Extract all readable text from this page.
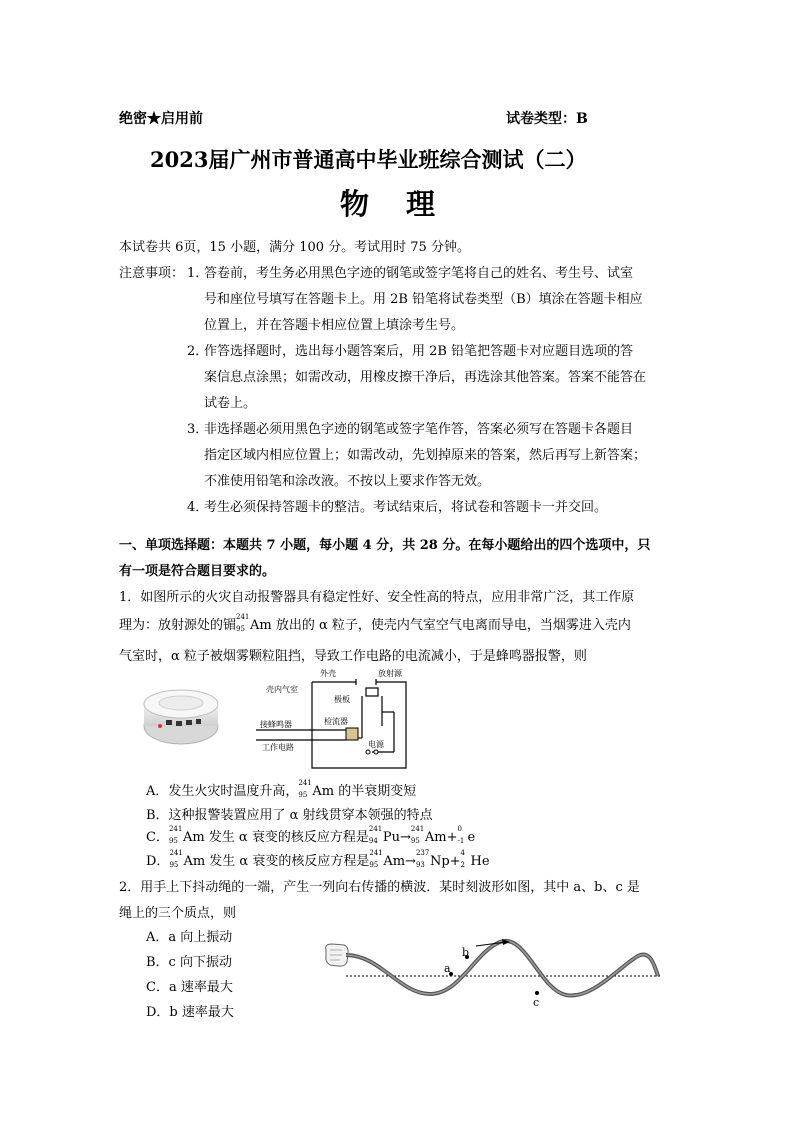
绝密★启用前	试卷类型：B
2023届广州市普通高中毕业班综合测试（二）
物　理
本试卷共 6页，15 小题，满分 100 分。考试用时 75 分钟。
注意事项： 1．
答卷前，考生务必用黑色字迹的钢笔或签字笔将自己的姓名、考生号、试室
号和座位号填写在答题卡上。用 2B 铅笔将试卷类型（B）填涂在答题卡相应
位置上，并在答题卡相应位置上填涂考生号。
2．
作答选择题时，选出每小题答案后，用 2B 铅笔把答题卡对应题目选项的答
案信息点涂黑；如需改动，用橡皮擦干净后，再选涂其他答案。答案不能答在
试卷上。
3．
非选择题必须用黑色字迹的钢笔或签字笔作答，答案必须写在答题卡各题目
指定区域内相应位置上；如需改动，先划掉原来的答案，然后再写上新答案；
不准使用铅笔和涂改液。不按以上要求作答无效。
4．
考生必须保持答题卡的整洁。考试结束后，将试卷和答题卡一并交回。
一、单项选择题：本题共 7 小题，每小题 4 分，共 28 分。在每小题给出的四个选项中，只
有一项是符合题目要求的。
1．如图所示的火灾自动报警器具有稳定性好、安全性高的特点，应用非常广泛，其工作原
理为：放射源处的镅
241
95 Am 放出的 α 粒子，使壳内气室空气电离而导电，当烟雾进入壳内
气室时，α 粒子被烟雾颗粒阻挡，导致工作电路的电流减小，于是蜂鸣器报警，则
外壳	放射源
壳内气室
极板
检流器
接蜂鸣器
工作电路	电源
A．发生火灾时温度升高，
241
95 Am 的半衰期变短
B．这种报警装置应用了 α 射线贯穿本领强的特点
C．
241
95 Am 发生 α 衰变的核反应方程是
241
94 Pu→
241
95 Am+
0
-1 e
D．
241
95 Am 发生 α 衰变的核反应方程是
241
95 Am→
237
93 Np+
4
2 He
2．用手上下抖动绳的一端，产生一列向右传播的横波．某时刻波形如图，其中 a、b、c 是
绳上的三个质点，则
A．a 向上振动
B．c 向下振动
C．a 速率最大
D．b 速率最大
a
b
c
